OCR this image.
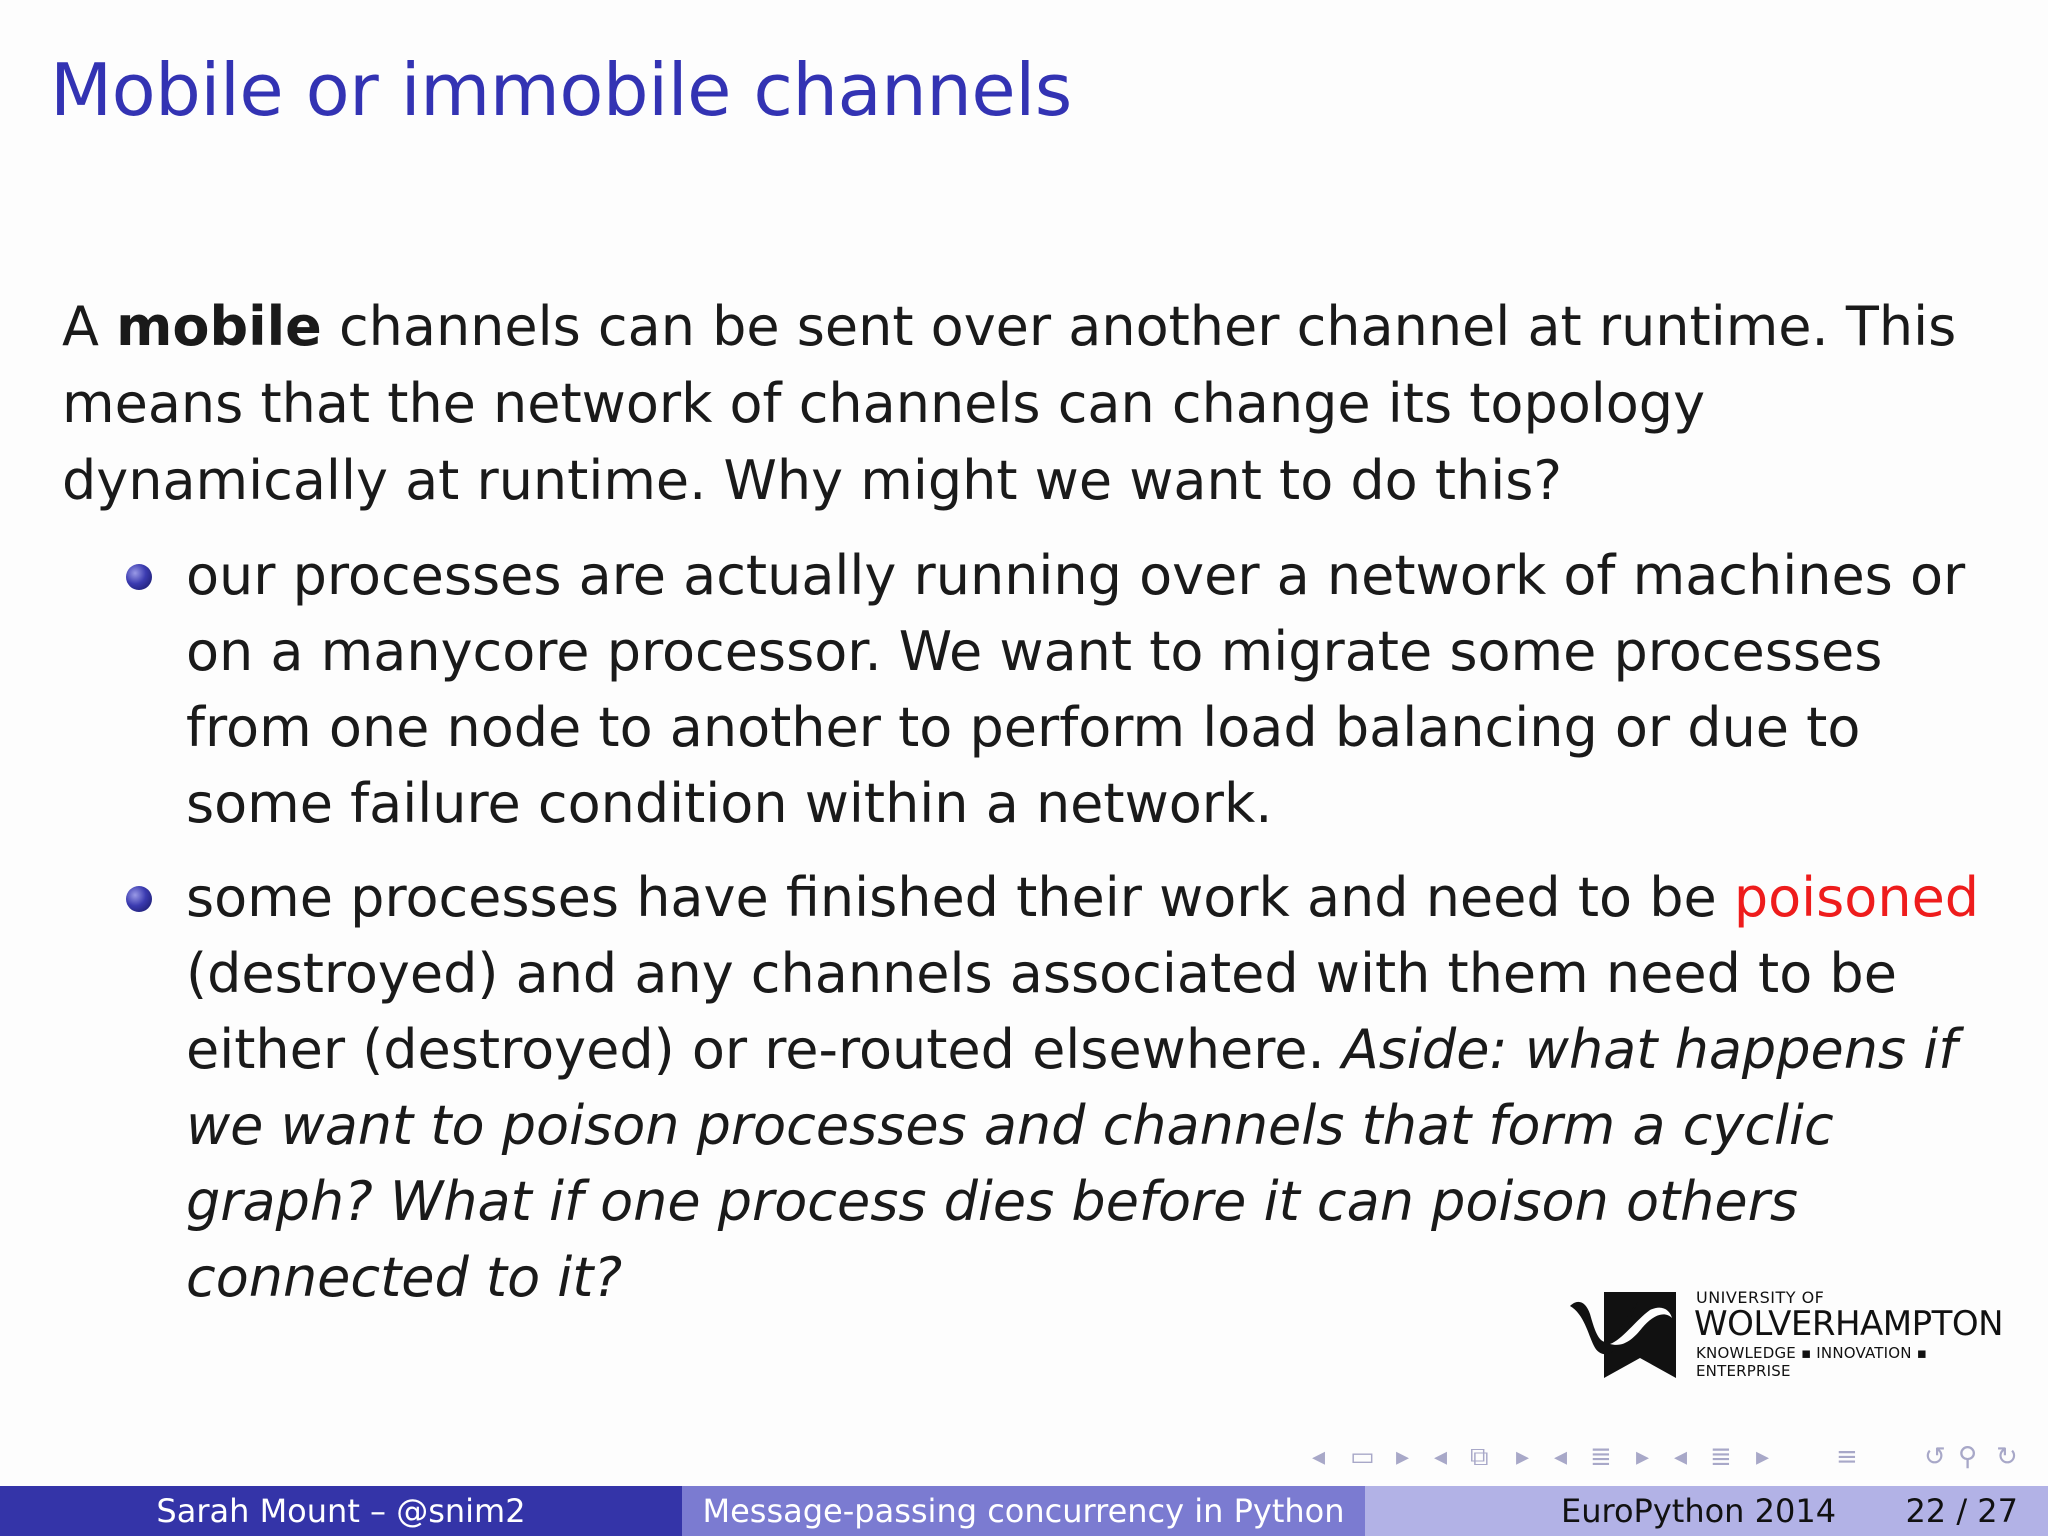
Mobile or immobile channels

A mobile channels can be sent over another channel at runtime. This means that the network of channels can change its topology dynamically at runtime. Why might we want to do this?

our processes are actually running over a network of machines or on a manycore processor. We want to migrate some processes from one node to another to perform load balancing or due to some failure condition within a network.
some processes have finished their work and need to be poisoned (destroyed) and any channels associated with them need to be either (destroyed) or re-routed elsewhere. Aside: what happens if we want to poison processes and channels that form a cyclic graph? What if one process dies before it can poison others connected to it?	UNIVERSITY OF
WOLVERHAMPTON
KNOWLEDGE ▪ INNOVATION ▪ ENTERPRISE
◂ ▭ ▸ ◂ ⧉ ▸ ◂ ≣ ▸ ◂ ≣ ▸	≡	↺ ⚲ ↻
Sarah Mount – @snim2	Message-passing concurrency in Python	EuroPython 2014 22 / 27
